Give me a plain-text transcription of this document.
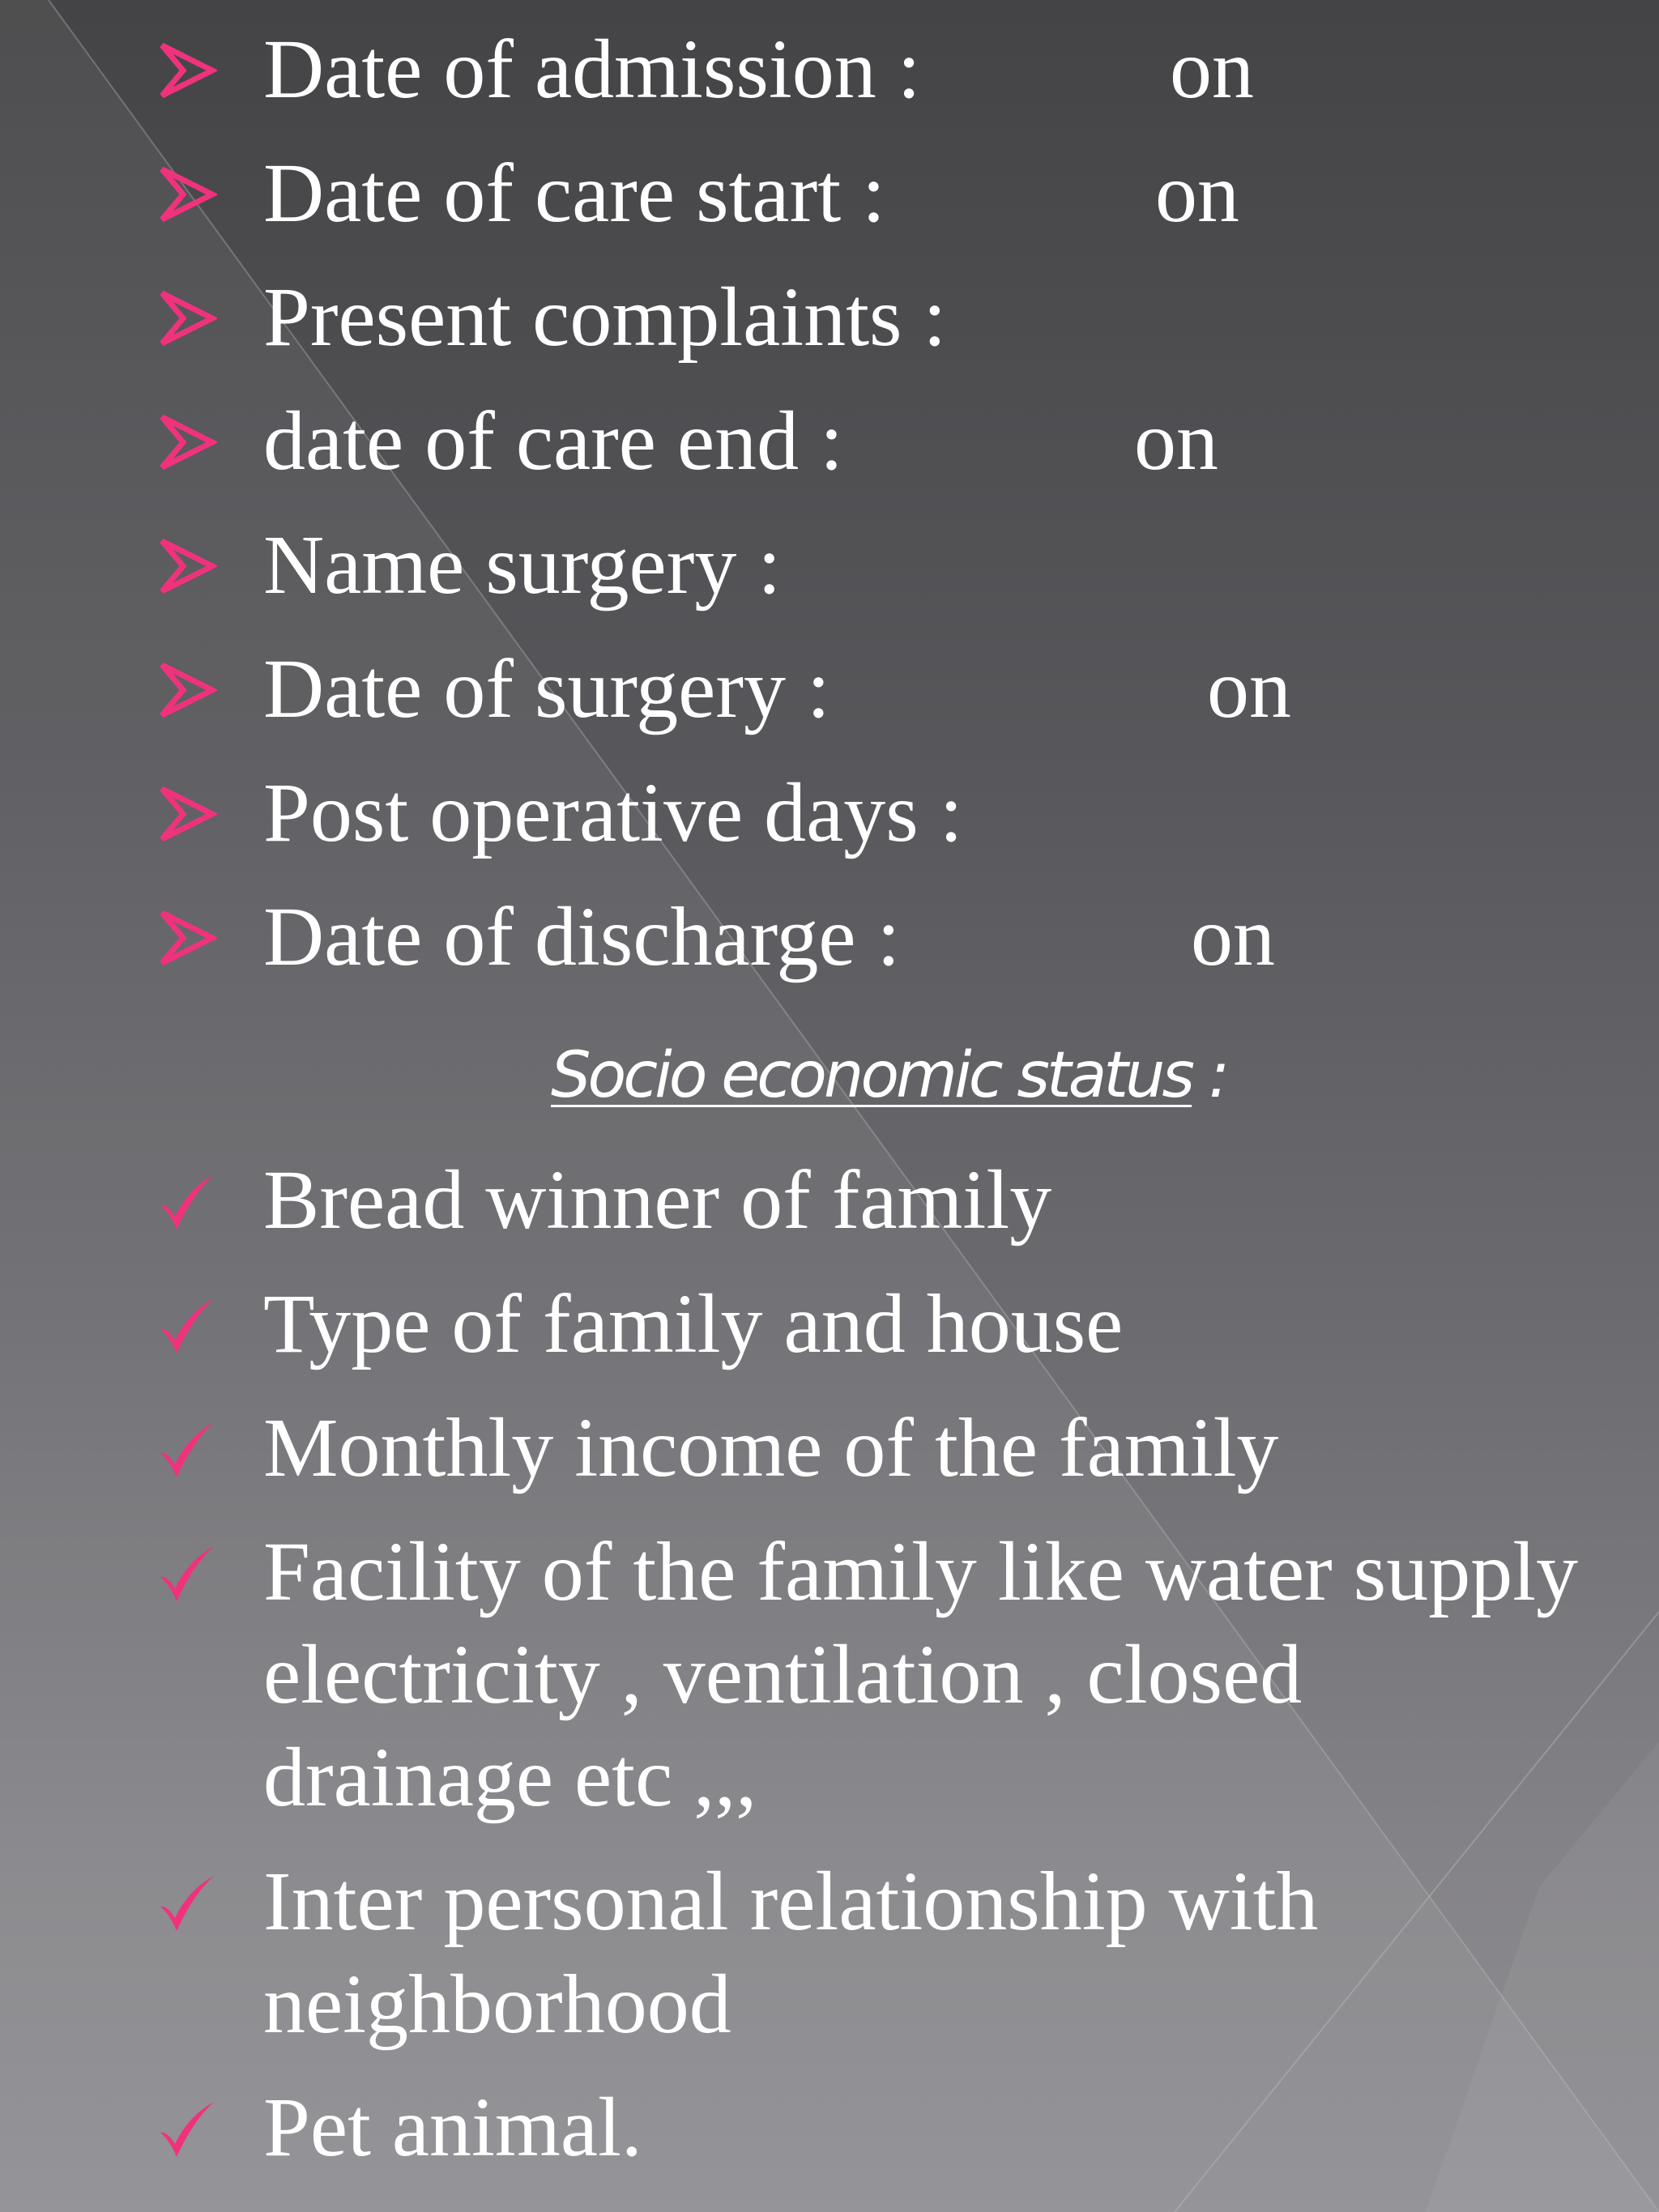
Date of admission :	on
Date of care start :	on
Present complaints :
date of care end :	on
Name surgery :
Date of surgery :	on
Post operative days :
Date of discharge :	on
Socio economic status :
Bread winner of family
Type of family and house
Monthly income of the family
Facility of the family like water supply
electricity , ventilation , closed
drainage etc ,,,
Inter personal relationship with
neighborhood
Pet animal.
